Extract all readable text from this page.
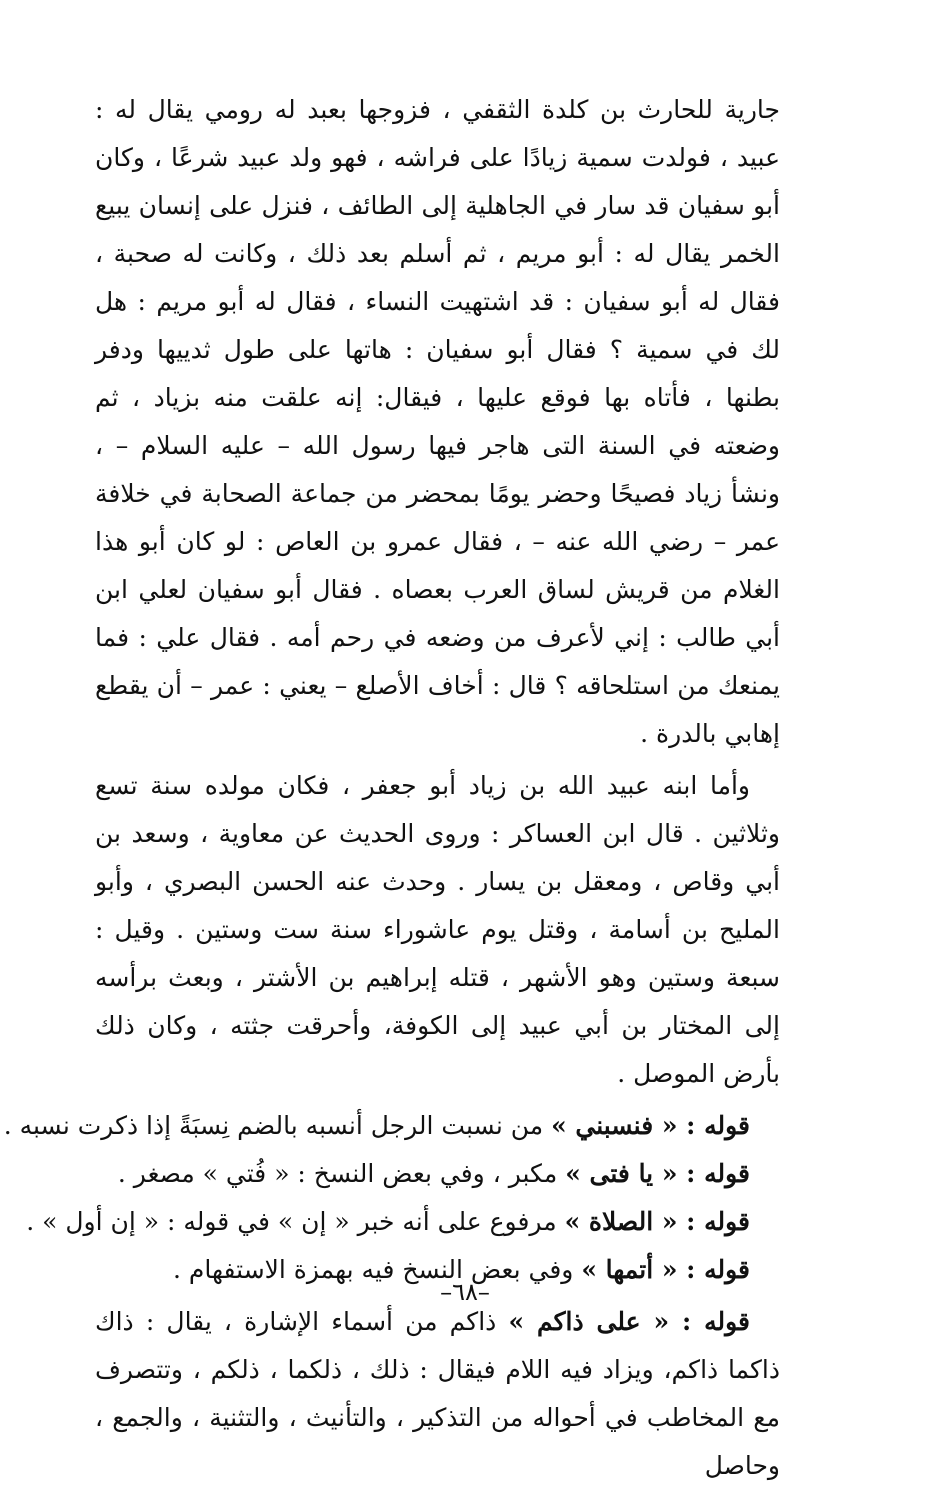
جارية للحارث بن كلدة الثقفي ، فزوجها بعبد له رومي يقال له : عبيد ، فولدت سمية زيادًا على فراشه ، فهو ولد عبيد شرعًا ، وكان أبو سفيان قد سار في الجاهلية إلى الطائف ، فنزل على إنسان يبيع الخمر يقال له : أبو مريم ، ثم أسلم بعد ذلك ، وكانت له صحبة ، فقال له أبو سفيان : قد اشتهيت النساء ، فقال له أبو مريم : هل لك في سمية ؟ فقال أبو سفيان : هاتها على طول ثدييها ودفر بطنها ، فأتاه بها فوقع عليها ، فيقال: إنه علقت منه بزياد ، ثم وضعته في السنة التى هاجر فيها رسول الله – عليه السلام – ، ونشأ زياد فصيحًا وحضر يومًا بمحضر من جماعة الصحابة في خلافة عمر – رضي الله عنه – ، فقال عمرو بن العاص : لو كان أبو هذا الغلام من قريش لساق العرب بعصاه . فقال أبو سفيان لعلي ابن أبي طالب : إني لأعرف من وضعه في رحم أمه . فقال علي : فما يمنعك من استلحاقه ؟ قال : أخاف الأصلع – يعني : عمر – أن يقطع إهابي بالدرة .

وأما ابنه عبيد الله بن زياد أبو جعفر ، فكان مولده سنة تسع وثلاثين . قال ابن العساكر : وروى الحديث عن معاوية ، وسعد بن أبي وقاص ، ومعقل بن يسار . وحدث عنه الحسن البصري ، وأبو المليح بن أسامة ، وقتل يوم عاشوراء سنة ست وستين . وقيل : سبعة وستين وهو الأشهر ، قتله إبراهيم بن الأشتر ، وبعث برأسه إلى المختار بن أبي عبيد إلى الكوفة، وأحرقت جثته ، وكان ذلك بأرض الموصل .

قوله : « فنسبني » من نسبت الرجل أنسبه بالضم نِسبَةً إذا ذكرت نسبه .

قوله : « يا فتى » مكبر ، وفي بعض النسخ : « فُتي » مصغر .

قوله : « الصلاة » مرفوع على أنه خبر « إن » في قوله : « إن أول » .

قوله : « أتمها » وفي بعض النسخ فيه بهمزة الاستفهام .

قوله : « على ذاكم » ذاكم من أسماء الإشارة ، يقال : ذاك ذاكما ذاكم، ويزاد فيه اللام فيقال : ذلك ، ذلكما ، ذلكم ، وتتصرف مع المخاطب في أحواله من التذكير ، والتأنيث ، والتثنية ، والجمع ، وحاصل

–٦٨–
